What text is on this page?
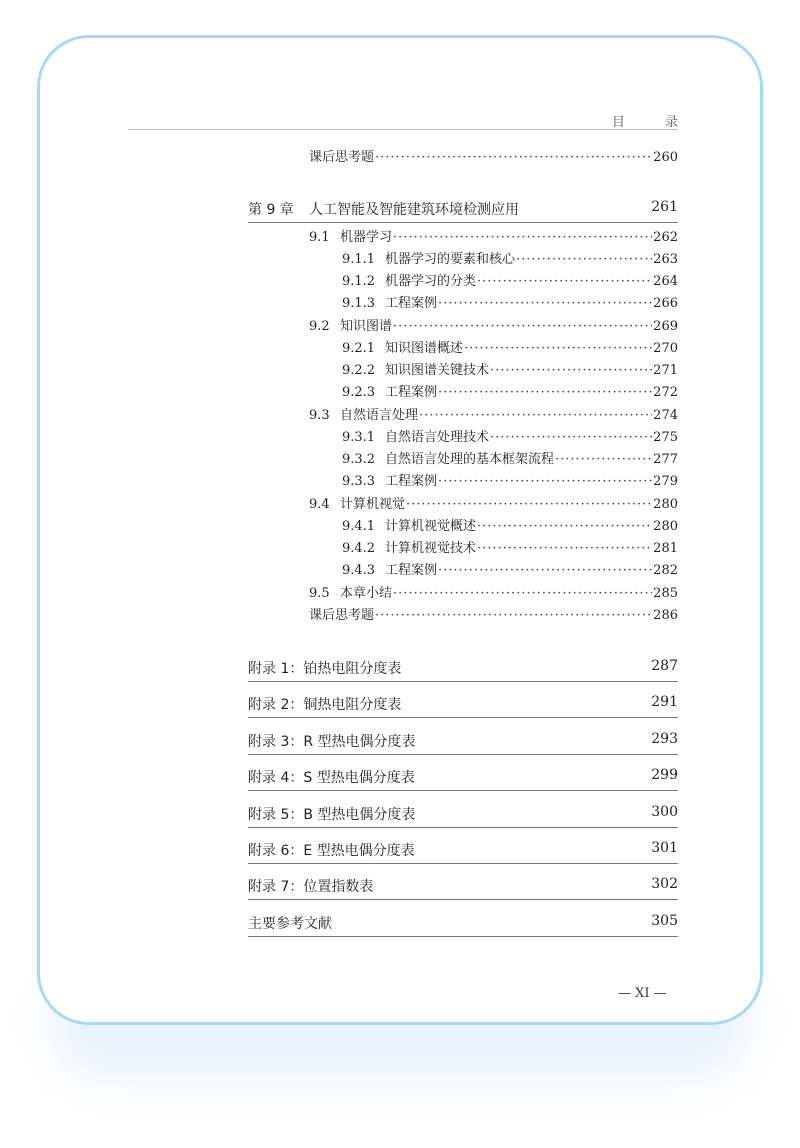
目 录
第 9 章	人工智能及智能建筑环境检测应用	261
课后思考题 ·····	260
9.1 机器学习 ·····	262
9.1.1 机器学习的要素和核心 ·····	263
9.1.2 机器学习的分类 ·····	264
9.1.3 工程案例 ·····	266
9.2 知识图谱 ·····	269
9.2.1 知识图谱概述 ·····	270
9.2.2 知识图谱关键技术 ·····	271
9.2.3 工程案例 ·····	272
9.3 自然语言处理 ·····	274
9.3.1 自然语言处理技术 ·····	275
9.3.2 自然语言处理的基本框架流程 ·····	277
9.3.3 工程案例 ·····	279
9.4 计算机视觉 ·····	280
9.4.1 计算机视觉概述 ·····	280
9.4.2 计算机视觉技术 ·····	281
9.4.3 工程案例 ·····	282
9.5 本章小结 ·····	285
课后思考题 ·····	286
附录 1：铂热电阻分度表	287
附录 2：铜热电阻分度表	291
附录 3：R 型热电偶分度表	293
附录 4：S 型热电偶分度表	299
附录 5：B 型热电偶分度表	300
附录 6：E 型热电偶分度表	301
附录 7：位置指数表	302
主要参考文献	305
— XI —
